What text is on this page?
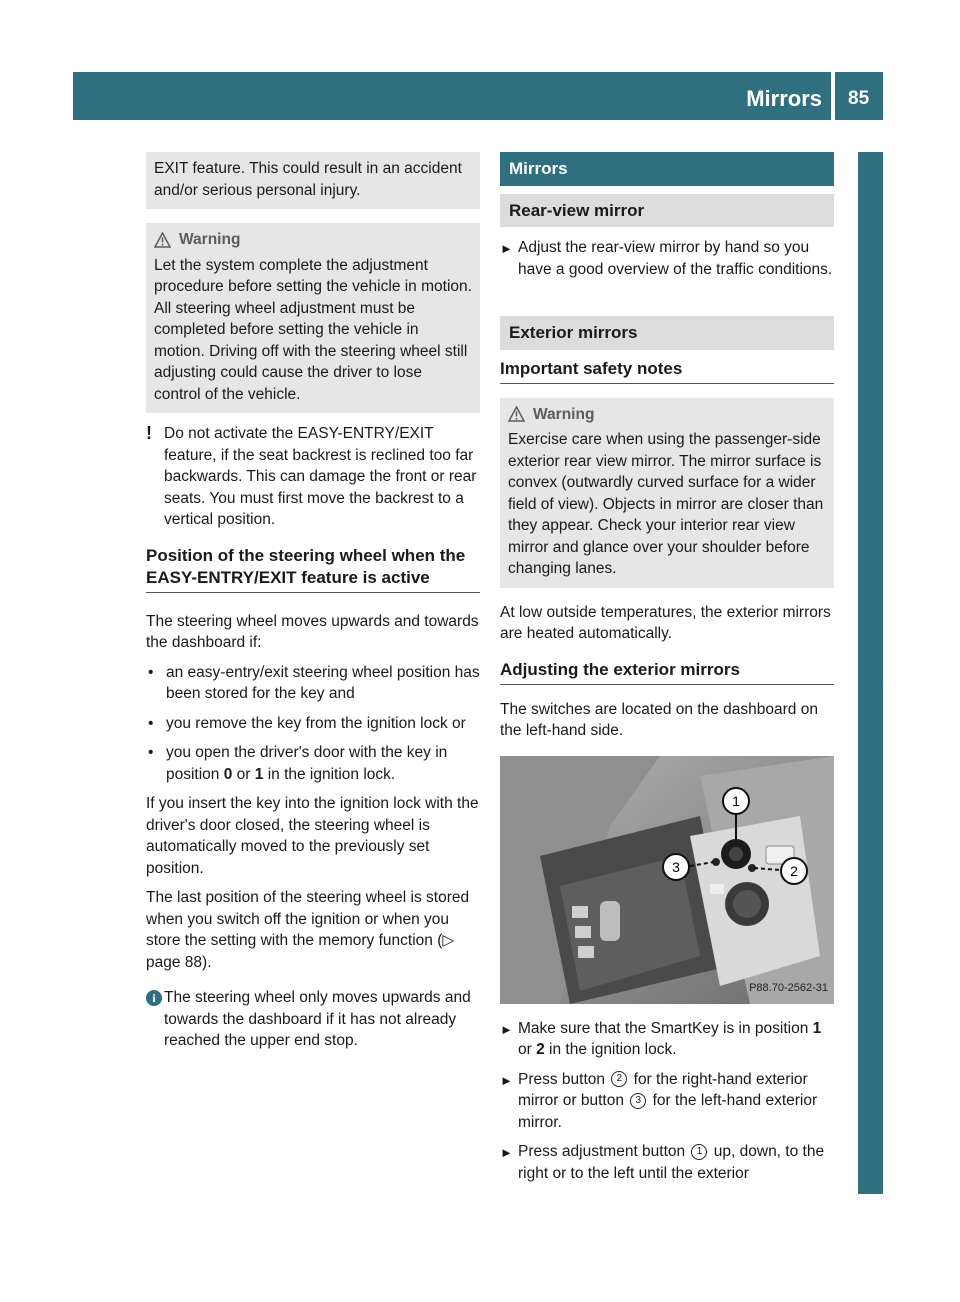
Mirrors 85
Seats, steering wheel and mirrors

EXIT feature. This could result in an accident and/or serious personal injury.

Warning

Let the system complete the adjustment procedure before setting the vehicle in motion. All steering wheel adjustment must be completed before setting the vehicle in motion. Driving off with the steering wheel still adjusting could cause the driver to lose control of the vehicle.

! Do not activate the EASY-ENTRY/EXIT feature, if the seat backrest is reclined too far backwards. This can damage the front or rear seats. You must first move the backrest to a vertical position.

Position of the steering wheel when the EASY-ENTRY/EXIT feature is active

The steering wheel moves upwards and towards the dashboard if:

• an easy-entry/exit steering wheel position has been stored for the key and

• you remove the key from the ignition lock or

• you open the driver's door with the key in position 0 or 1 in the ignition lock.

If you insert the key into the ignition lock with the driver's door closed, the steering wheel is automatically moved to the previously set position.

The last position of the steering wheel is stored when you switch off the ignition or when you store the setting with the memory function (▷ page 88).

i The steering wheel only moves upwards and towards the dashboard if it has not already reached the upper end stop.

Mirrors
Rear-view mirror
► Adjust the rear-view mirror by hand so you have a good overview of the traffic conditions.

Exterior mirrors
Important safety notes
Warning

Exercise care when using the passenger-side exterior rear view mirror. The mirror surface is convex (outwardly curved surface for a wider field of view). Objects in mirror are closer than they appear. Check your interior rear view mirror and glance over your shoulder before changing lanes.

At low outside temperatures, the exterior mirrors are heated automatically.

Adjusting the exterior mirrors

The switches are located on the dashboard on the left-hand side.

1
2
3
P88.70-2562-31
► Make sure that the SmartKey is in position 1 or 2 in the ignition lock.

► Press button 2 for the right-hand exterior mirror or button 3 for the left-hand exterior mirror.

► Press adjustment button 1 up, down, to the right or to the left until the exterior
